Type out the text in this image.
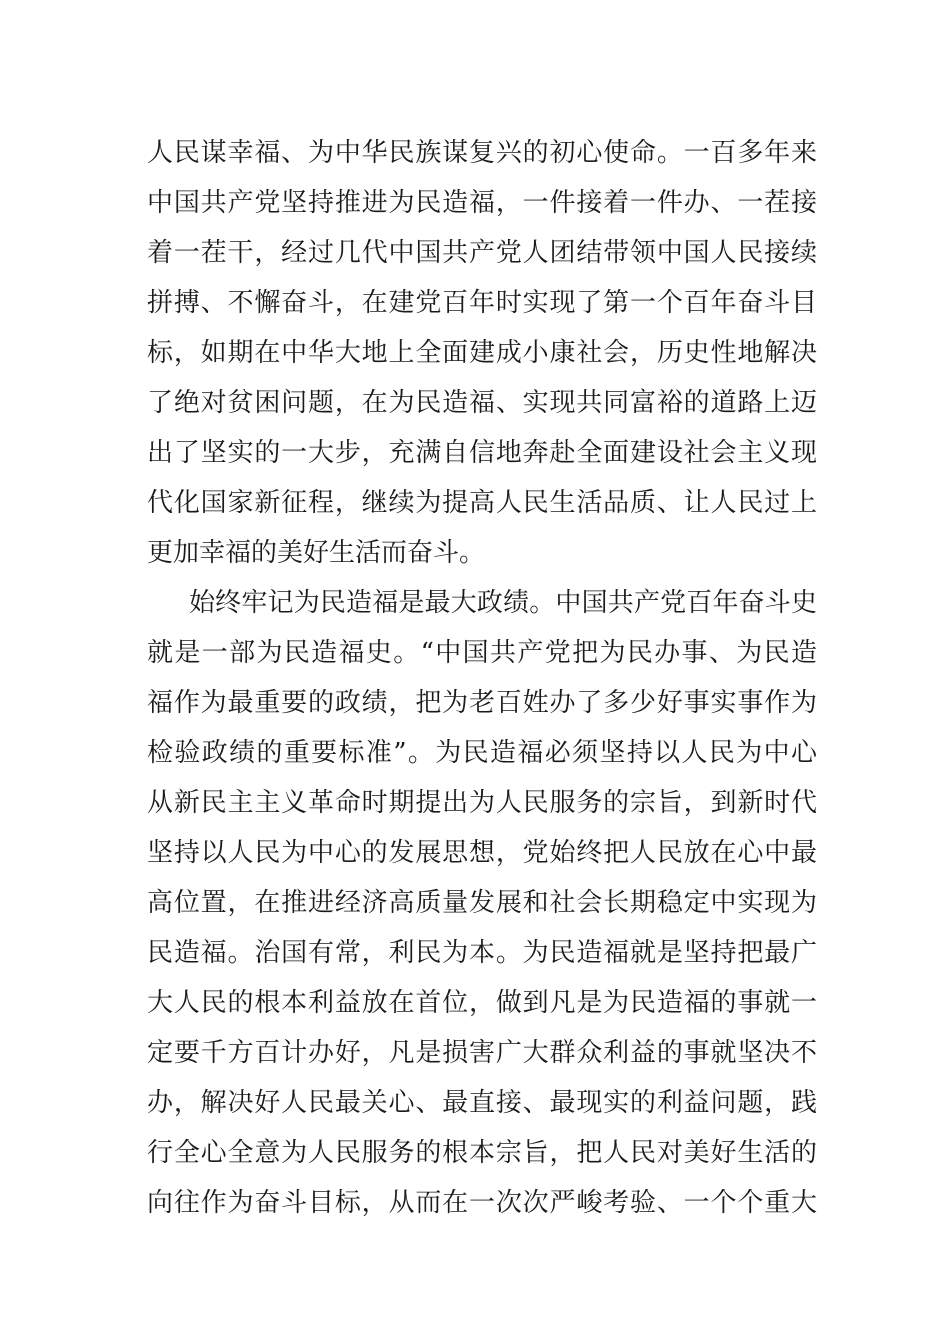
人民谋幸福、为中华民族谋复兴的初心使命。一百多年来
中国共产党坚持推进为民造福，一件接着一件办、一茬接
着一茬干，经过几代中国共产党人团结带领中国人民接续
拼搏、不懈奋斗，在建党百年时实现了第一个百年奋斗目
标，如期在中华大地上全面建成小康社会，历史性地解决
了绝对贫困问题，在为民造福、实现共同富裕的道路上迈
出了坚实的一大步，充满自信地奔赴全面建设社会主义现
代化国家新征程，继续为提高人民生活品质、让人民过上
更加幸福的美好生活而奋斗。
始终牢记为民造福是最大政绩。中国共产党百年奋斗史
就是一部为民造福史。“中国共产党把为民办事、为民造
福作为最重要的政绩，把为老百姓办了多少好事实事作为
检验政绩的重要标准”。为民造福必须坚持以人民为中心
从新民主主义革命时期提出为人民服务的宗旨，到新时代
坚持以人民为中心的发展思想，党始终把人民放在心中最
高位置，在推进经济高质量发展和社会长期稳定中实现为
民造福。治国有常，利民为本。为民造福就是坚持把最广
大人民的根本利益放在首位，做到凡是为民造福的事就一
定要千方百计办好，凡是损害广大群众利益的事就坚决不
办，解决好人民最关心、最直接、最现实的利益问题，践
行全心全意为人民服务的根本宗旨，把人民对美好生活的
向往作为奋斗目标，从而在一次次严峻考验、一个个重大
